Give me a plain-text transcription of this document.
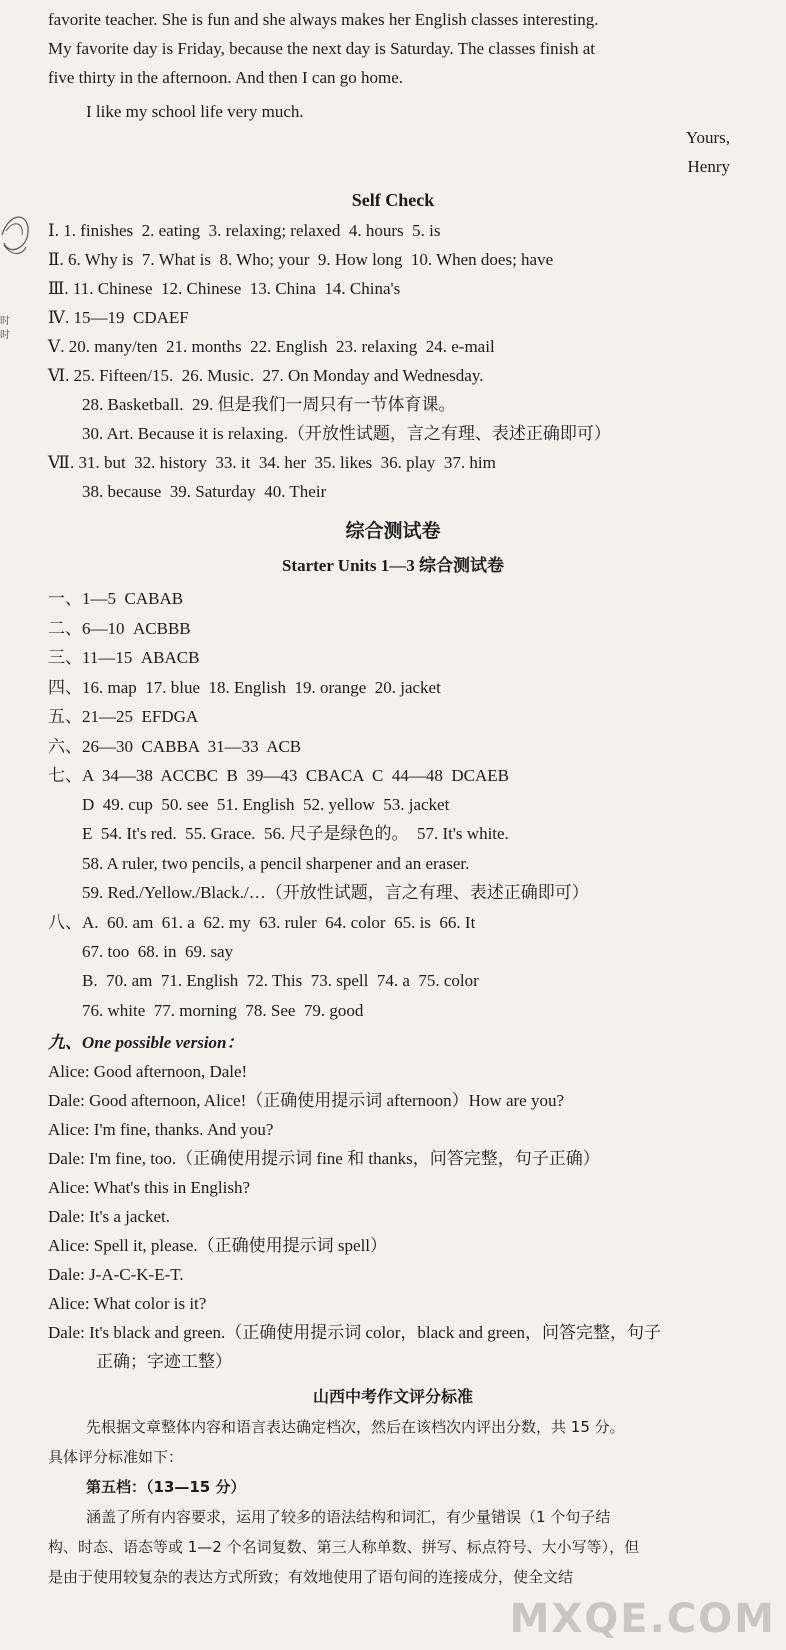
时
时
favorite teacher. She is fun and she always makes her English classes interesting.
My favorite day is Friday, because the next day is Saturday. The classes finish at
five thirty in the afternoon. And then I can go home.
I like my school life very much.
Yours,
Henry
Self Check
Ⅰ. 1. finishes  2. eating  3. relaxing; relaxed  4. hours  5. is
Ⅱ. 6. Why is  7. What is  8. Who; your  9. How long  10. When does; have
Ⅲ. 11. Chinese  12. Chinese  13. China  14. China's
Ⅳ. 15—19  CDAEF
Ⅴ. 20. many/ten  21. months  22. English  23. relaxing  24. e-mail
Ⅵ. 25. Fifteen/15.  26. Music.  27. On Monday and Wednesday.
28. Basketball.  29. 但是我们一周只有一节体育课。
30. Art. Because it is relaxing.（开放性试题，言之有理、表述正确即可）
Ⅶ. 31. but  32. history  33. it  34. her  35. likes  36. play  37. him
38. because  39. Saturday  40. Their
综合测试卷
Starter Units 1—3 综合测试卷
一、1—5  CABAB
二、6—10  ACBBB
三、11—15  ABACB
四、16. map  17. blue  18. English  19. orange  20. jacket
五、21—25  EFDGA
六、26—30  CABBA  31—33  ACB
七、A  34—38  ACCBC  B  39—43  CBACA  C  44—48  DCAEB
D  49. cup  50. see  51. English  52. yellow  53. jacket
E  54. It's red.  55. Grace.  56. 尺子是绿色的。  57. It's white.
58. A ruler, two pencils, a pencil sharpener and an eraser.
59. Red./Yellow./Black./…（开放性试题，言之有理、表述正确即可）
八、A.  60. am  61. a  62. my  63. ruler  64. color  65. is  66. It
67. too  68. in  69. say
B.  70. am  71. English  72. This  73. spell  74. a  75. color
76. white  77. morning  78. See  79. good
九、One possible version：
Alice: Good afternoon, Dale!
Dale: Good afternoon, Alice!（正确使用提示词 afternoon）How are you?
Alice: I'm fine, thanks. And you?
Dale: I'm fine, too.（正确使用提示词 fine 和 thanks，问答完整，句子正确）
Alice: What's this in English?
Dale: It's a jacket.
Alice: Spell it, please.（正确使用提示词 spell）
Dale: J-A-C-K-E-T.
Alice: What color is it?
Dale: It's black and green.（正确使用提示词 color，black and green，问答完整，句子
正确；字迹工整）
山西中考作文评分标准
先根据文章整体内容和语言表达确定档次，然后在该档次内评出分数，共 15 分。
具体评分标准如下：
第五档：（13—15 分）
涵盖了所有内容要求，运用了较多的语法结构和词汇，有少量错误（1 个句子结
构、时态、语态等或 1—2 个名词复数、第三人称单数、拼写、标点符号、大小写等），但
是由于使用较复杂的表达方式所致；有效地使用了语句间的连接成分，使全文结
MXQE.COM
